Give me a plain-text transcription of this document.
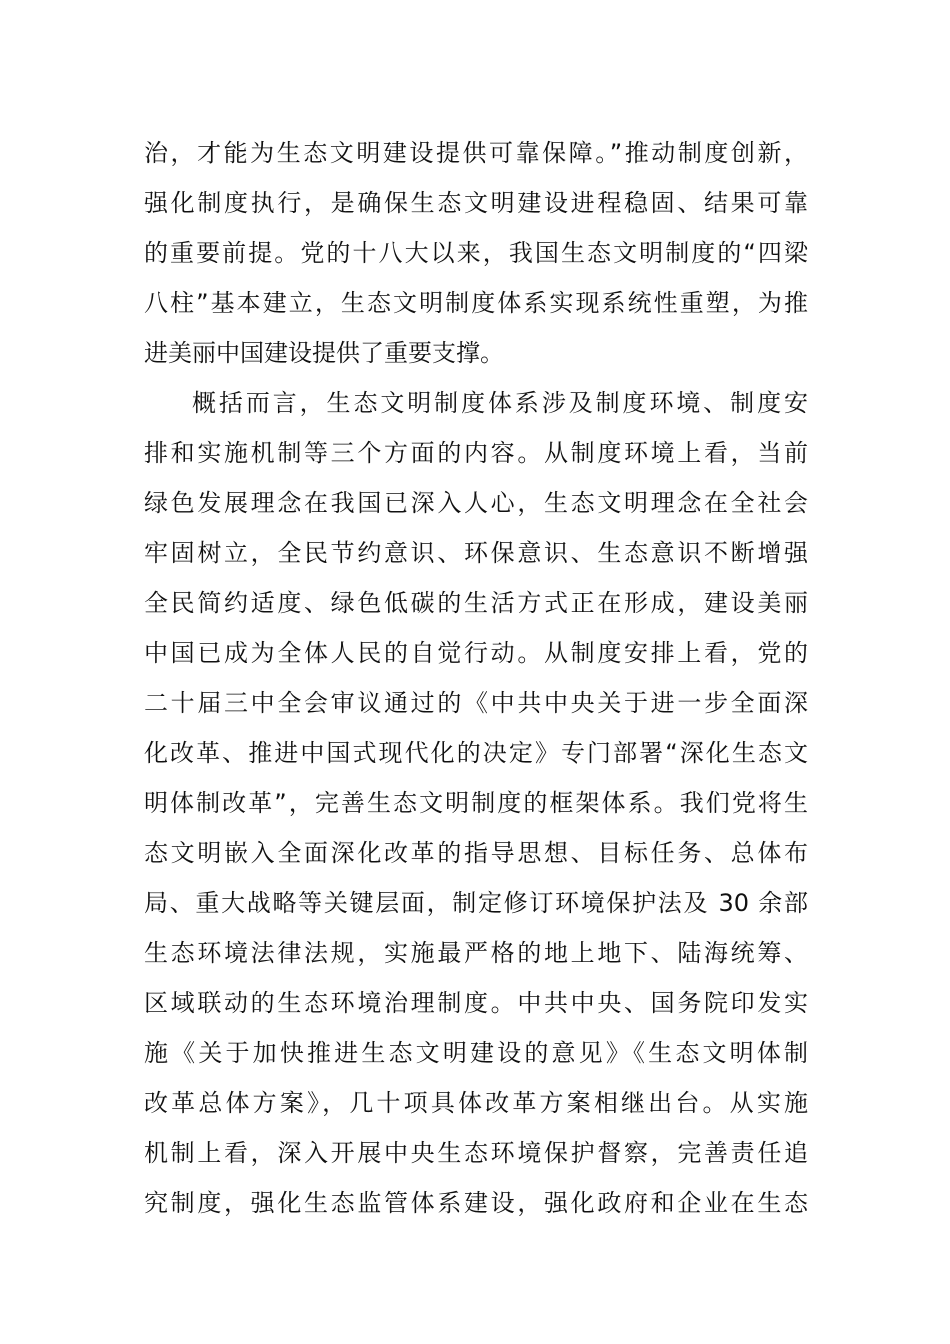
治，才能为生态文明建设提供可靠保障。”推动制度创新，
强化制度执行，是确保生态文明建设进程稳固、结果可靠
的重要前提。党的十八大以来，我国生态文明制度的“四梁
八柱”基本建立，生态文明制度体系实现系统性重塑，为推
进美丽中国建设提供了重要支撑。
概括而言，生态文明制度体系涉及制度环境、制度安
排和实施机制等三个方面的内容。从制度环境上看，当前
绿色发展理念在我国已深入人心，生态文明理念在全社会
牢固树立，全民节约意识、环保意识、生态意识不断增强
全民简约适度、绿色低碳的生活方式正在形成，建设美丽
中国已成为全体人民的自觉行动。从制度安排上看，党的
二十届三中全会审议通过的《中共中央关于进一步全面深
化改革、推进中国式现代化的决定》专门部署“深化生态文
明体制改革”，完善生态文明制度的框架体系。我们党将生
态文明嵌入全面深化改革的指导思想、目标任务、总体布
局、重大战略等关键层面，制定修订环境保护法及 30 余部
生态环境法律法规，实施最严格的地上地下、陆海统筹、
区域联动的生态环境治理制度。中共中央、国务院印发实
施《关于加快推进生态文明建设的意见》《生态文明体制
改革总体方案》，几十项具体改革方案相继出台。从实施
机制上看，深入开展中央生态环境保护督察，完善责任追
究制度，强化生态监管体系建设，强化政府和企业在生态
